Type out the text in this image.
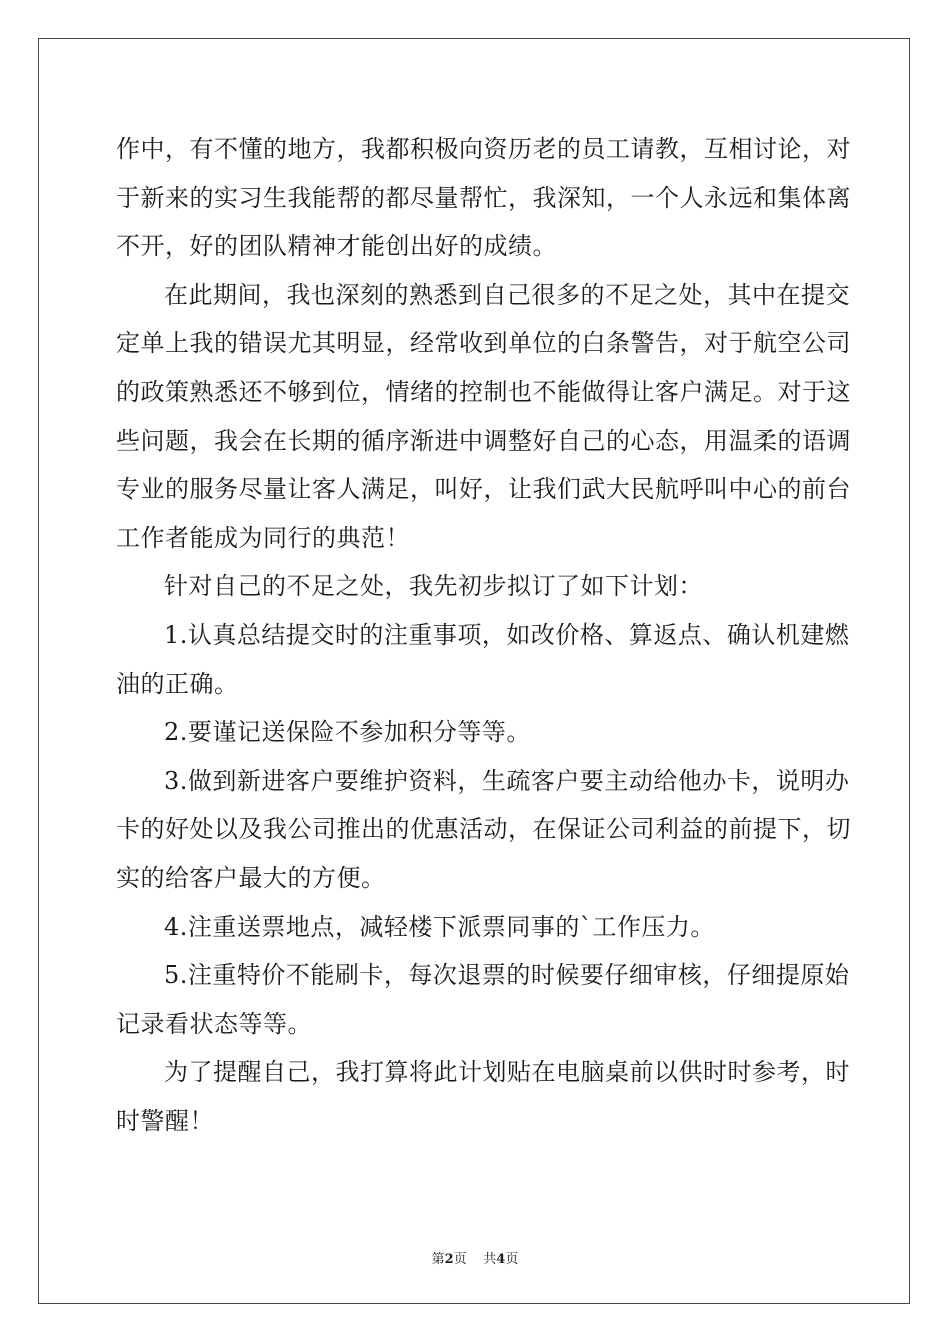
作中，有不懂的地方，我都积极向资历老的员工请教，互相讨论，对
于新来的实习生我能帮的都尽量帮忙，我深知，一个人永远和集体离
不开，好的团队精神才能创出好的成绩。
在此期间，我也深刻的熟悉到自己很多的不足之处，其中在提交
定单上我的错误尤其明显，经常收到单位的白条警告，对于航空公司
的政策熟悉还不够到位，情绪的控制也不能做得让客户满足。对于这
些问题，我会在长期的循序渐进中调整好自己的心态，用温柔的语调
专业的服务尽量让客人满足，叫好，让我们武大民航呼叫中心的前台
工作者能成为同行的典范！
针对自己的不足之处，我先初步拟订了如下计划：
1.认真总结提交时的注重事项，如改价格、算返点、确认机建燃
油的正确。
2.要谨记送保险不参加积分等等。
3.做到新进客户要维护资料，生疏客户要主动给他办卡，说明办
卡的好处以及我公司推出的优惠活动，在保证公司利益的前提下，切
实的给客户最大的方便。
4.注重送票地点，减轻楼下派票同事的`工作压力。
5.注重特价不能刷卡，每次退票的时候要仔细审核，仔细提原始
记录看状态等等。
为了提醒自己，我打算将此计划贴在电脑桌前以供时时参考，时
时警醒！
第2页 共4页
